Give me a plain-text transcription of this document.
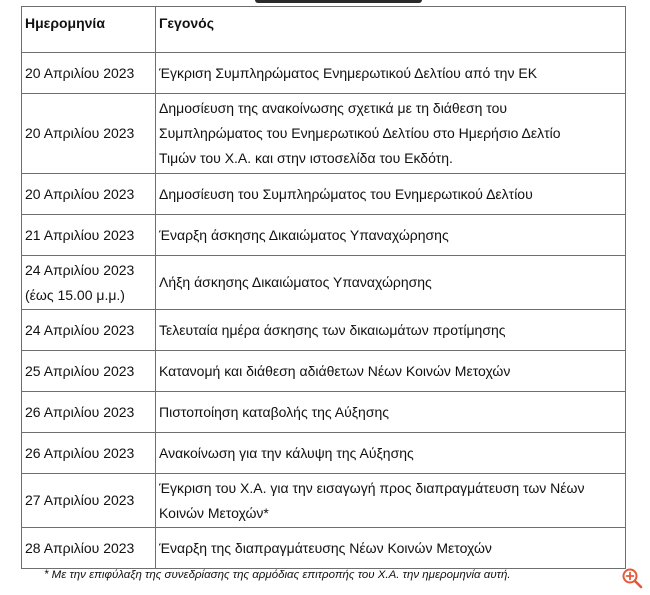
Ημερομηνία	Γεγονός

20 Απριλίου 2023	Έγκριση Συμπληρώματος Ενημερωτικού Δελτίου από την ΕΚ

20 Απριλίου 2023	Δημοσίευση της ανακοίνωσης σχετικά με τη διάθεση του
Συμπληρώματος του Ενημερωτικού Δελτίου στο Ημερήσιο Δελτίο
Τιμών του Χ.Α. και στην ιστοσελίδα του Εκδότη.

20 Απριλίου 2023	Δημοσίευση του Συμπληρώματος του Ενημερωτικού Δελτίου

21 Απριλίου 2023	Έναρξη άσκησης Δικαιώματος Υπαναχώρησης

24 Απριλίου 2023
(έως 15.00 μ.μ.)	Λήξη άσκησης Δικαιώματος Υπαναχώρησης

24 Απριλίου 2023	Τελευταία ημέρα άσκησης των δικαιωμάτων προτίμησης

25 Απριλίου 2023	Κατανομή και διάθεση αδιάθετων Νέων Κοινών Μετοχών

26 Απριλίου 2023	Πιστοποίηση καταβολής της Αύξησης

26 Απριλίου 2023	Ανακοίνωση για την κάλυψη της Αύξησης

27 Απριλίου 2023	Έγκριση του Χ.Α. για την εισαγωγή προς διαπραγμάτευση των Νέων
Κοινών Μετοχών*

28 Απριλίου 2023	Έναρξη της διαπραγμάτευσης Νέων Κοινών Μετοχών
* Με την επιφύλαξη της συνεδρίασης της αρμόδιας επιτροπής του Χ.Α. την ημερομηνία αυτή.
